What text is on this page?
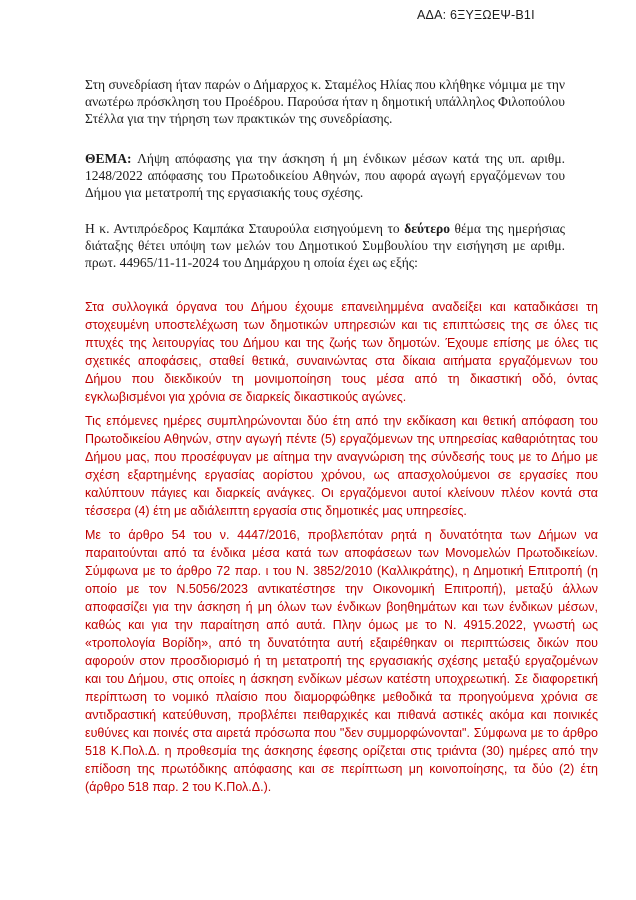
ΑΔΑ: 6ΞΥΞΩΕΨ-Β1Ι

Στη συνεδρίαση ήταν παρών ο Δήμαρχος κ. Σταμέλος Ηλίας που κλήθηκε νόμιμα με την ανωτέρω πρόσκληση του Προέδρου. Παρούσα ήταν η δημοτική υπάλληλος Φιλοπούλου Στέλλα για την τήρηση των πρακτικών της συνεδρίασης.

ΘΕΜΑ: Λήψη απόφασης για την άσκηση ή μη ένδικων μέσων κατά της υπ. αριθμ. 1248/2022 απόφασης του Πρωτοδικείου Αθηνών, που αφορά αγωγή εργαζόμενων του Δήμου για μετατροπή της εργασιακής τους σχέσης.

Η κ. Αντιπρόεδρος Καμπάκα Σταυρούλα εισηγούμενη το δεύτερο θέμα της ημερήσιας διάταξης θέτει υπόψη των μελών του Δημοτικού Συμβουλίου την εισήγηση με αριθμ. πρωτ. 44965/11-11-2024 του Δημάρχου η οποία έχει ως εξής:

Στα συλλογικά όργανα του Δήμου έχουμε επανειλημμένα αναδείξει και καταδικάσει τη στοχευμένη υποστελέχωση των δημοτικών υπηρεσιών και τις επιπτώσεις της σε όλες τις πτυχές της λειτουργίας του Δήμου και της ζωής των δημοτών. Έχουμε επίσης με όλες τις σχετικές αποφάσεις, σταθεί θετικά, συναινώντας στα δίκαια αιτήματα εργαζόμενων του Δήμου που διεκδικούν τη μονιμοποίηση τους μέσα από τη δικαστική οδό, όντας εγκλωβισμένοι για χρόνια σε διαρκείς δικαστικούς αγώνες.

Τις επόμενες ημέρες συμπληρώνονται δύο έτη από την εκδίκαση και θετική απόφαση του Πρωτοδικείου Αθηνών, στην αγωγή πέντε (5) εργαζόμενων της υπηρεσίας καθαριότητας του Δήμου μας, που προσέφυγαν με αίτημα την αναγνώριση της σύνδεσής τους με το Δήμο με σχέση εξαρτημένης εργασίας αορίστου χρόνου, ως απασχολούμενοι σε εργασίες που καλύπτουν πάγιες και διαρκείς ανάγκες. Οι εργαζόμενοι αυτοί κλείνουν πλέον κοντά στα τέσσερα (4) έτη με αδιάλειπτη εργασία στις δημοτικές μας υπηρεσίες.

Με το άρθρο 54 του ν. 4447/2016, προβλεπόταν ρητά η δυνατότητα των Δήμων να παραιτούνται από τα ένδικα μέσα κατά των αποφάσεων των Μονομελών Πρωτοδικείων. Σύμφωνα με το άρθρο 72 παρ. ι του Ν. 3852/2010 (Καλλικράτης), η Δημοτική Επιτροπή (η οποίο με τον Ν.5056/2023 αντικατέστησε την Οικονομική Επιτροπή), μεταξύ άλλων αποφασίζει για την άσκηση ή μη όλων των ένδικων βοηθημάτων και των ένδικων μέσων, καθώς και για την παραίτηση από αυτά. Πλην όμως με το Ν. 4915.2022, γνωστή ως «τροπολογία Βορίδη», από τη δυνατότητα αυτή εξαιρέθηκαν οι περιπτώσεις δικών που αφορούν στον προσδιορισμό ή τη μετατροπή της εργασιακής σχέσης μεταξύ εργαζομένων και του Δήμου, στις οποίες η άσκηση ενδίκων μέσων κατέστη υποχρεωτική. Σε διαφορετική περίπτωση το νομικό πλαίσιο που διαμορφώθηκε μεθοδικά τα προηγούμενα χρόνια σε αντιδραστική κατεύθυνση, προβλέπει πειθαρχικές και πιθανά αστικές ακόμα και ποινικές ευθύνες και ποινές στα αιρετά πρόσωπα που "δεν συμμορφώνονται". Σύμφωνα με το άρθρο 518 Κ.Πολ.Δ. η προθεσμία της άσκησης έφεσης ορίζεται στις τριάντα (30) ημέρες από την επίδοση της πρωτόδικης απόφασης και σε περίπτωση μη κοινοποίησης, τα δύο (2) έτη (άρθρο 518 παρ. 2 του Κ.Πολ.Δ.).
